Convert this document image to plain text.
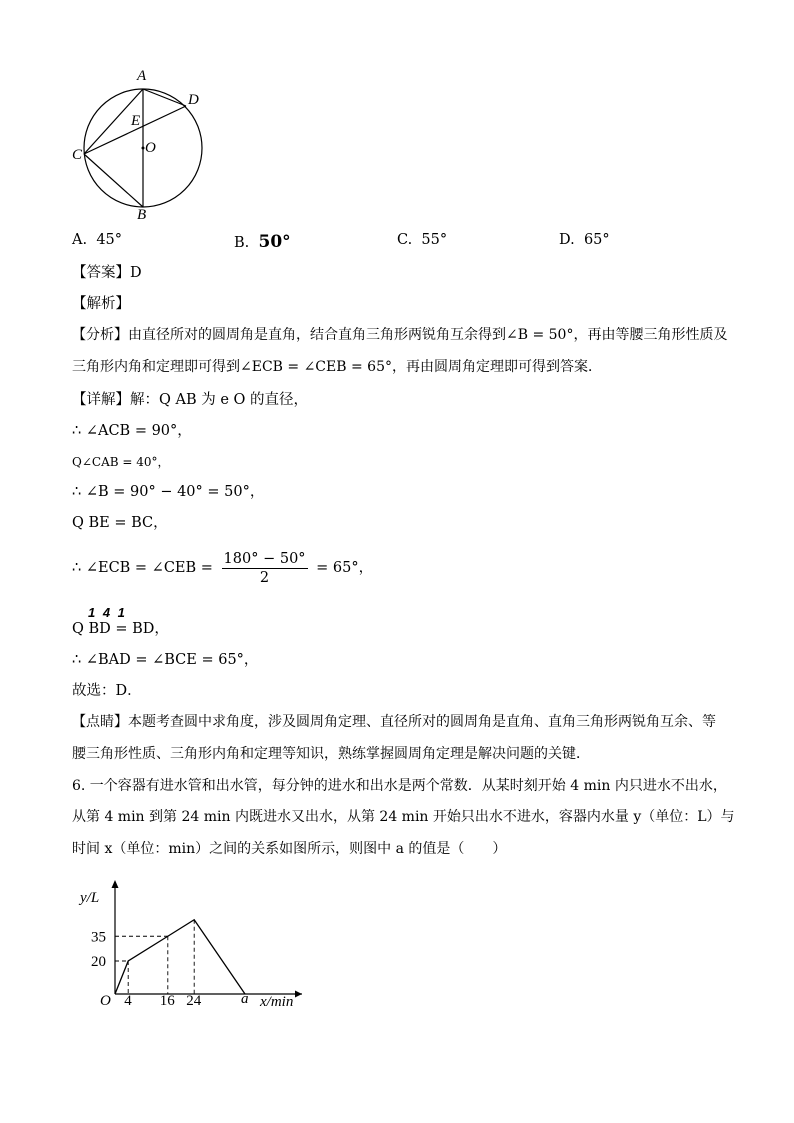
A
D
E
O
C
B
A. 45°	B. 50°	C. 55°	D. 65°
【答案】D
【解析】
【分析】由直径所对的圆周角是直角，结合直角三角形两锐角互余得到∠B = 50°，再由等腰三角形性质及
三角形内角和定理即可得到∠ECB = ∠CEB = 65°，再由圆周角定理即可得到答案．
【详解】解：Q AB 为 e O 的直径，
∴ ∠ACB = 90°，
Q∠CAB = 40°，
∴ ∠B = 90° − 40° = 50°，
Q BE = BC，
∴ ∠ECB = ∠CEB = $\frac{180^\circ - 50^\circ}{2} = 65^\circ$，
1 4 1
Q BD = BD，
∴ ∠BAD = ∠BCE = 65°，
故选：D．
【点睛】本题考查圆中求角度，涉及圆周角定理、直径所对的圆周角是直角、直角三角形两锐角互余、等
腰三角形性质、三角形内角和定理等知识，熟练掌握圆周角定理是解决问题的关键．
6. 一个容器有进水管和出水管，每分钟的进水和出水是两个常数．从某时刻开始 4 min 内只进水不出水，
从第 4 min 到第 24 min 内既进水又出水，从第 24 min 开始只出水不进水，容器内水量 y（单位：L）与
时间 x（单位：min）之间的关系如图所示，则图中 a 的值是（　　）
y/L
x/min
O
35
20
4 16 24	a
